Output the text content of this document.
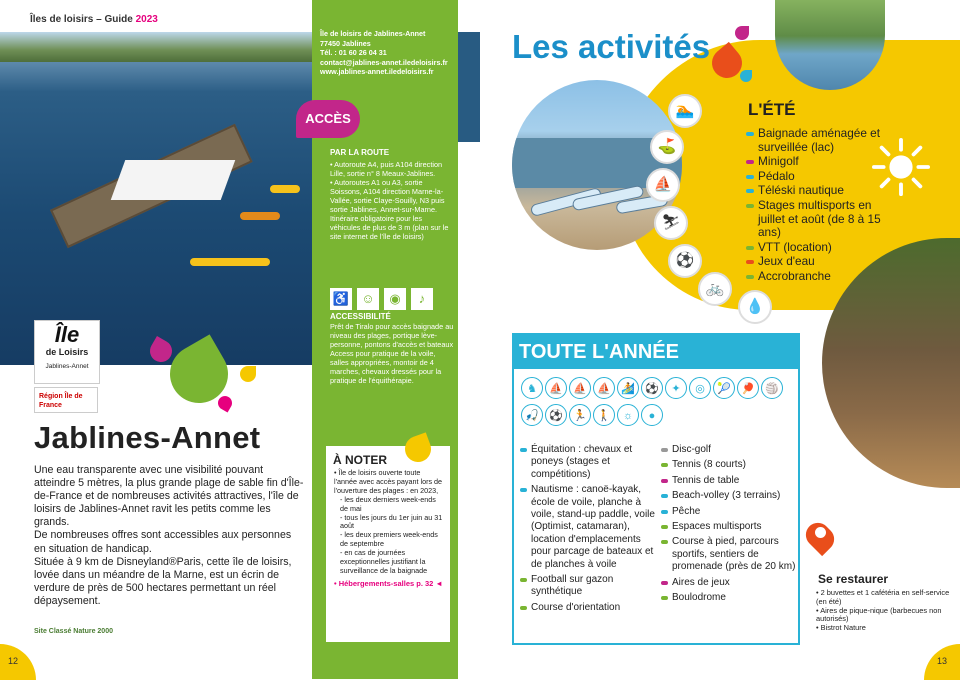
Îles de loisirs – Guide 2023
Île
de Loisirs
Jablines-Annet
Région Île de France
Jablines-Annet
Une eau transparente avec une visibilité pouvant atteindre 5 mètres, la plus grande plage de sable fin d'Île-de-France et de nombreuses activités attractives, l'île de loisirs de Jablines-Annet ravit les petits comme les grands.
De nombreuses offres sont accessibles aux personnes en situation de handicap.
Située à 9 km de Disneyland®Paris, cette île de loisirs, lovée dans un méandre de la Marne, est un écrin de verdure de près de 500 hectares permettant un réel dépaysement.
Site Classé Nature 2000
12
Île de loisirs de Jablines-Annet
77450 Jablines
Tél. : 01 60 26 04 31
contact@jablines-annet.iledeloisirs.fr
www.jablines-annet.iledeloisirs.fr
ACCÈS
PAR LA ROUTE
• Autoroute A4, puis A104 direction Lille, sortie n° 8 Meaux-Jablines.
• Autoroutes A1 ou A3, sortie Soissons, A104 direction Marne-la-Vallée, sortie Claye-Souilly, N3 puis sortie Jablines, Annet-sur-Marne. Itinéraire obligatoire pour les véhicules de plus de 3 m (plan sur le site internet de l'île de loisirs)
♿ ☺ ◉ ♪
ACCESSIBILITÉ
Prêt de Tiralo pour accès baignade au niveau des plages, portique lève-personne, pontons d'accès et bateaux Access pour pratique de la voile, salles appropriées, montoir de 4 marches, chevaux dressés pour la pratique de l'équithérapie.
À NOTER
• Île de loisirs ouverte toute l'année avec accès payant lors de l'ouverture des plages : en 2023,
- les deux derniers week-ends de mai
- tous les jours du 1er juin au 31 août
- les deux premiers week-ends de septembre
- en cas de journées exceptionnelles justifiant la surveillance de la baignade
• Hébergements-salles p. 32 ◄
Les activités
🏊
⛳
⛵
⛷
⚽
🚲
💧
L'ÉTÉ
Baignade aménagée et surveillée (lac)
Minigolf
Pédalo
Téléski nautique
Stages multisports en juillet et août (de 8 à 15 ans)
VTT (location)
Jeux d'eau
Accrobranche
TOUTE L'ANNÉE
♞ ⛵ ⛵ ⛵ 🏄 ⚽ ✦ ◎ 🎾 🏓 🏐 🎣 ⚽ 🏃 🚶 ☼ ●
Équitation : chevaux et poneys (stages et compétitions)
Nautisme : canoë-kayak, école de voile, planche à voile, stand-up paddle, voile (Optimist, catamaran), location d'emplacements pour parcage de bateaux et de planches à voile
Football sur gazon synthétique
Course d'orientation
Disc-golf
Tennis (8 courts)
Tennis de table
Beach-volley (3 terrains)
Pêche
Espaces multisports
Course à pied, parcours sportifs, sentiers de promenade (près de 20 km)
Aires de jeux
Boulodrome
Se restaurer
• 2 buvettes et 1 cafétéria en self-service (en été)
• Aires de pique-nique (barbecues non autorisés)
• Bistrot Nature
13
